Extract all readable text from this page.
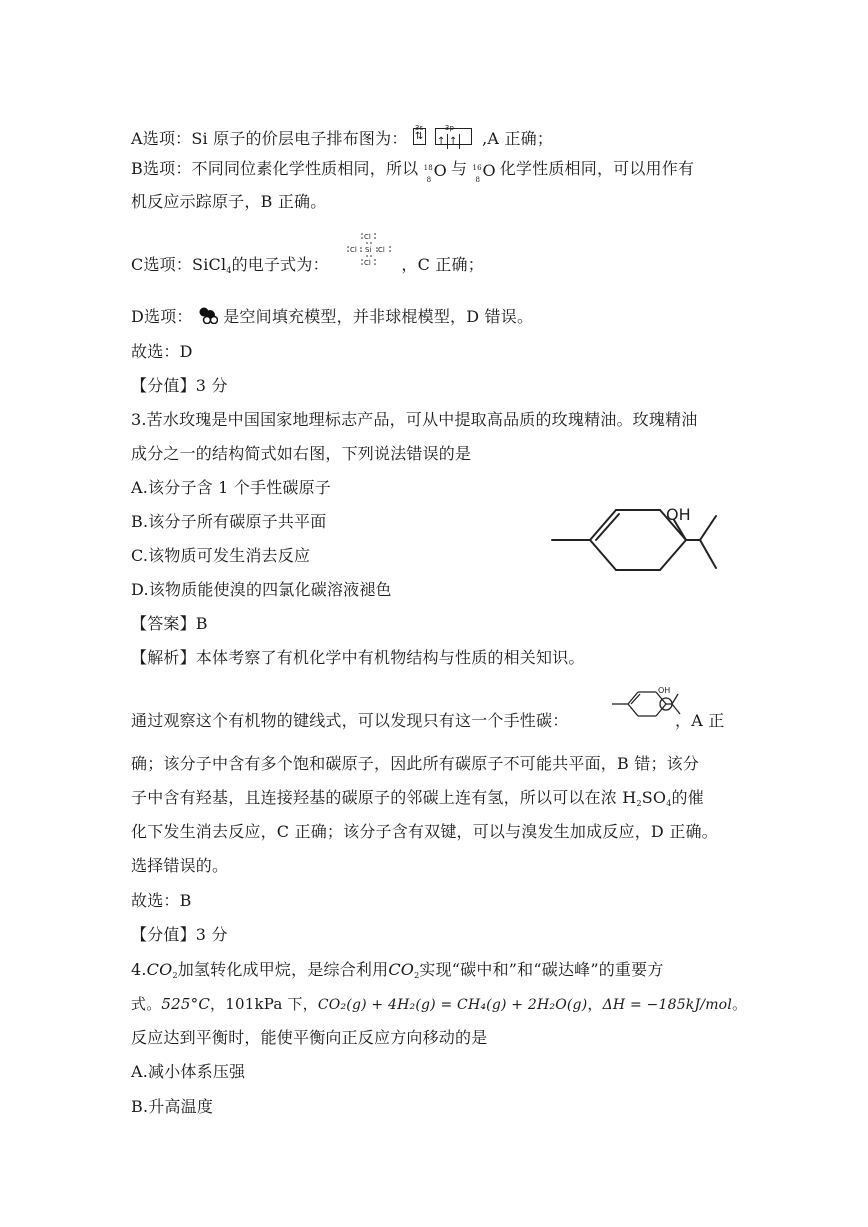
A选项：Si 原子的价层电子排布图为：
3s	3p
⇅ ↑ ↑	,A 正确；
B选项：不同同位素化学性质相同，所以 18
8 O 与 16
8 O 化学性质相同，可以用作有
机反应示踪原子，B 正确。
C选项：SiCl$_4$的电子式为：	，C 正确；
Cl
Cl Si Cl
Cl
D选项： 是空间填充模型，并非球棍模型，D 错误。
故选：D
【分值】3 分
3.苦水玫瑰是中国国家地理标志产品，可从中提取高品质的玫瑰精油。玫瑰精油
成分之一的结构简式如右图，下列说法错误的是
A.该分子含 1 个手性碳原子
B.该分子所有碳原子共平面
C.该物质可发生消去反应
D.该物质能使溴的四氯化碳溶液褪色
OH
【答案】B
【解析】本体考察了有机化学中有机物结构与性质的相关知识。
通过观察这个有机物的键线式，可以发现只有这一个手性碳：	，A 正
OH
确；该分子中含有多个饱和碳原子，因此所有碳原子不可能共平面，B 错；该分
子中含有羟基，且连接羟基的碳原子的邻碳上连有氢，所以可以在浓 $H_2SO_4$的催
化下发生消去反应，C 正确；该分子含有双键，可以与溴发生加成反应，D 正确。
选择错误的。
故选：B
【分值】3 分
$4.CO_2$加氢转化成甲烷，是综合利用$CO_2$实现“碳中和”和“碳达峰”的重要方
式。525°C，101kPa 下，CO₂(g) + 4H₂(g) = CH₄(g) + 2H₂O(g)，ΔH = −185kJ/mol。
反应达到平衡时，能使平衡向正反应方向移动的是
A.减小体系压强
B.升高温度
